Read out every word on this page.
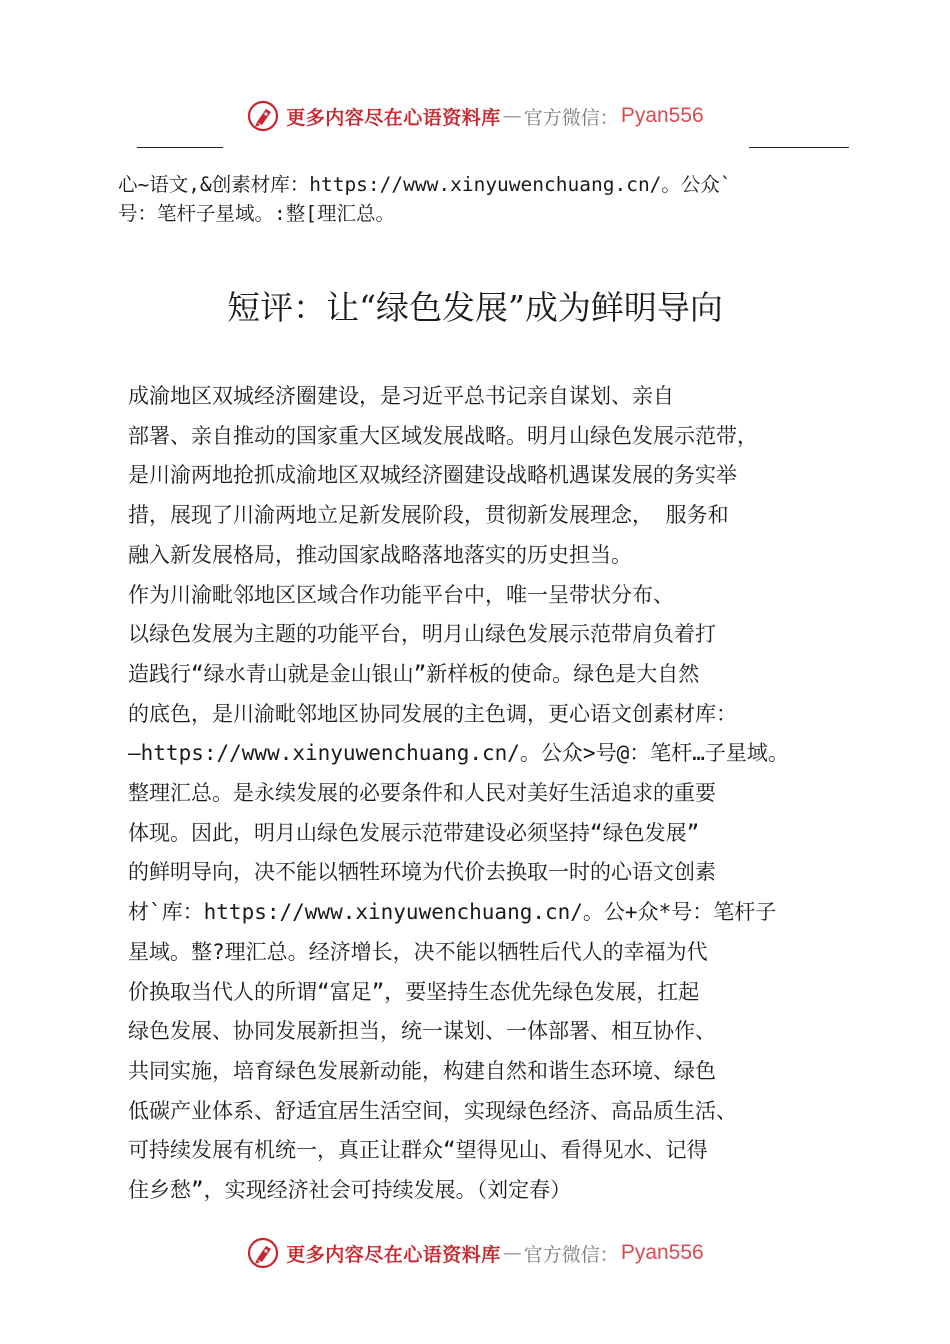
更多内容尽在心语资料库 — 官方微信： Pyan556

心~语文,&创素材库：https://www.xinyuwenchuang.cn/。公众`
号：笔杆子星域。:整[理汇总。

短评：让“绿色发展”成为鲜明导向

成渝地区双城经济圈建设，是习近平总书记亲自谋划、亲自
部署、亲自推动的国家重大区域发展战略。明月山绿色发展示范带，
是川渝两地抢抓成渝地区双城经济圈建设战略机遇谋发展的务实举
措，展现了川渝两地立足新发展阶段，贯彻新发展理念， 服务和
融入新发展格局，推动国家战略落地落实的历史担当。

作为川渝毗邻地区区域合作功能平台中，唯一呈带状分布、
以绿色发展为主题的功能平台，明月山绿色发展示范带肩负着打
造践行“绿水青山就是金山银山”新样板的使命。绿色是大自然
的底色，是川渝毗邻地区协同发展的主色调，更心语文创素材库：
—https://www.xinyuwenchuang.cn/。公众>号@：笔杆…子星域。
整理汇总。是永续发展的必要条件和人民对美好生活追求的重要
体现。因此，明月山绿色发展示范带建设必须坚持“绿色发展”
的鲜明导向，决不能以牺牲环境为代价去换取一时的心语文创素
材`库：https://www.xinyuwenchuang.cn/。公+众*号：笔杆子
星域。整?理汇总。经济增长，决不能以牺牲后代人的幸福为代
价换取当代人的所谓“富足”，要坚持生态优先绿色发展，扛起
绿色发展、协同发展新担当，统一谋划、一体部署、相互协作、
共同实施，培育绿色发展新动能，构建自然和谐生态环境、绿色
低碳产业体系、舒适宜居生活空间，实现绿色经济、高品质生活、
可持续发展有机统一，真正让群众“望得见山、看得见水、记得
住乡愁”，实现经济社会可持续发展。（刘定春）

更多内容尽在心语资料库 — 官方微信： Pyan556
